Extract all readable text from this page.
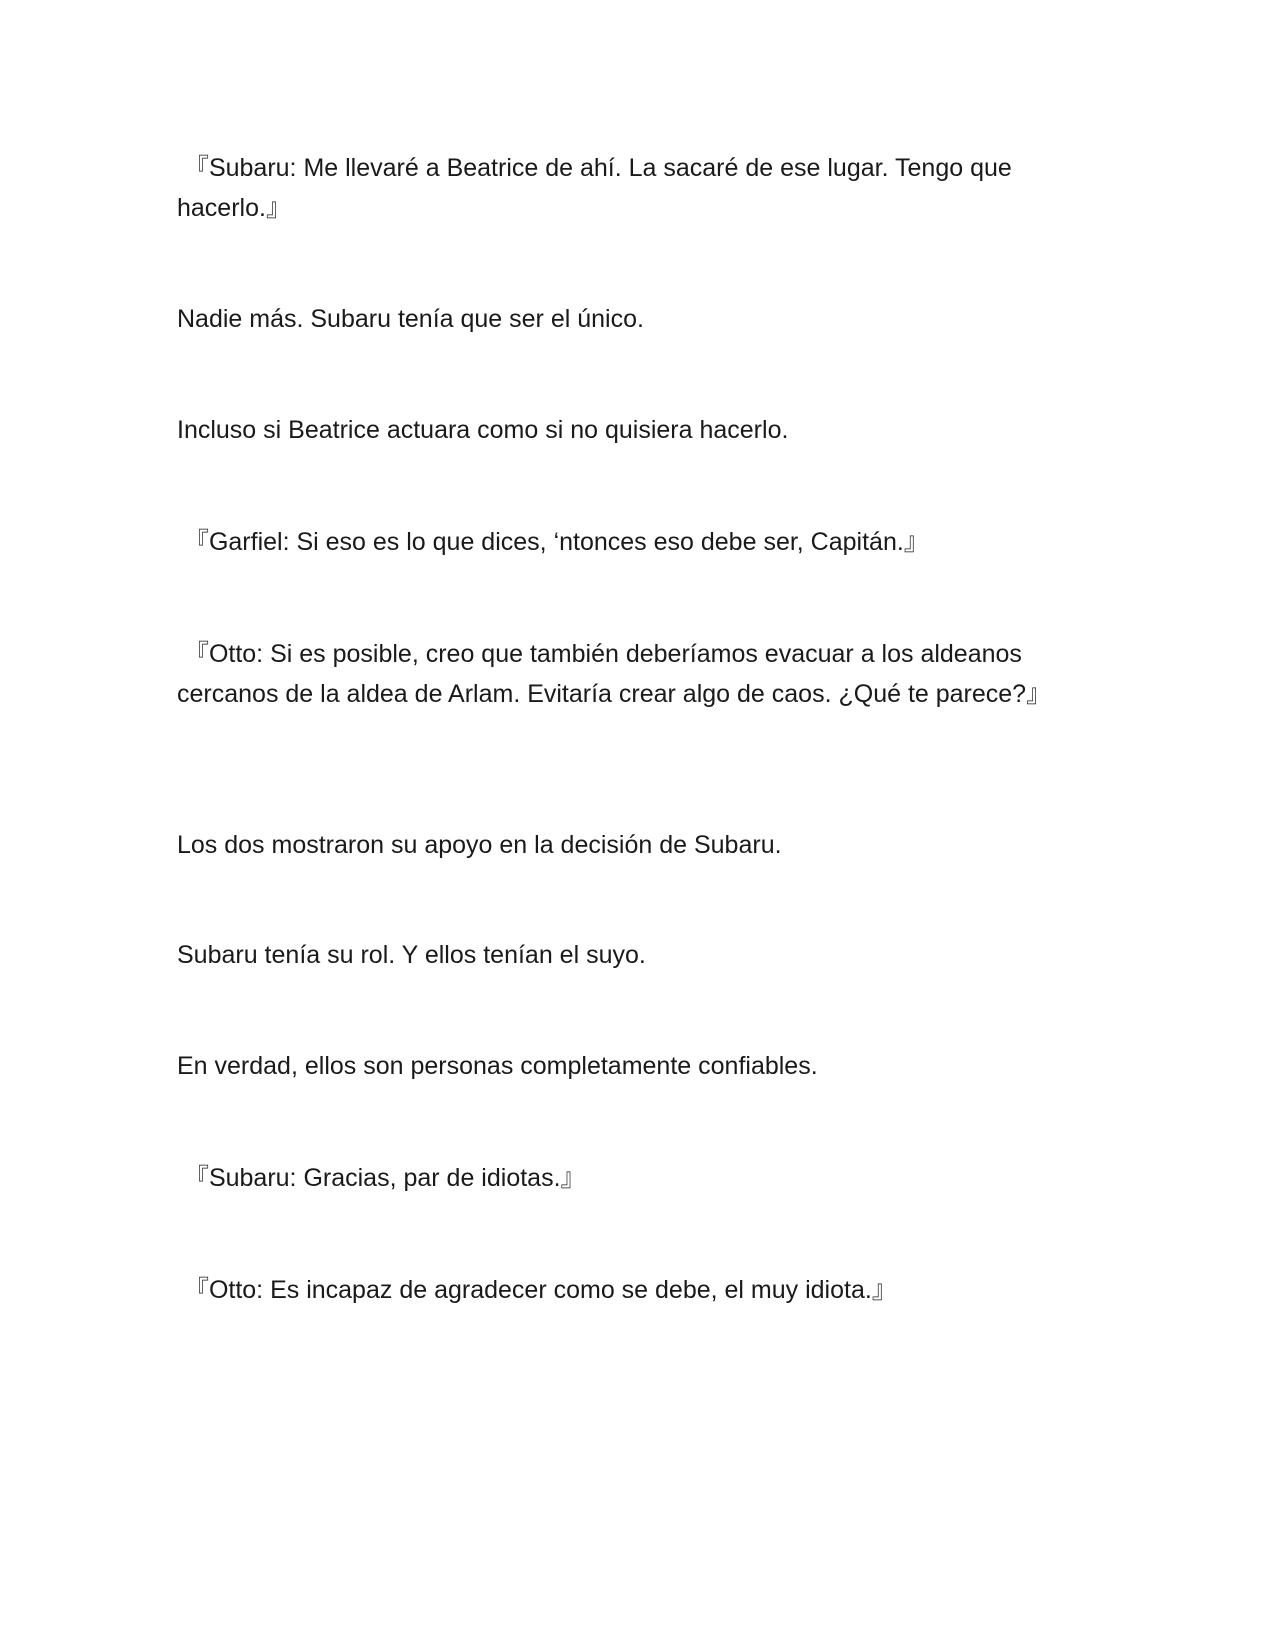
『Subaru: Me llevaré a Beatrice de ahí. La sacaré de ese lugar. Tengo que hacerlo.』

Nadie más. Subaru tenía que ser el único.

Incluso si Beatrice actuara como si no quisiera hacerlo.

『Garfiel: Si eso es lo que dices, ‘ntonces eso debe ser, Capitán.』

『Otto: Si es posible, creo que también deberíamos evacuar a los aldeanos cercanos de la aldea de Arlam. Evitaría crear algo de caos. ¿Qué te parece?』

Los dos mostraron su apoyo en la decisión de Subaru.

Subaru tenía su rol. Y ellos tenían el suyo.

En verdad, ellos son personas completamente confiables.

『Subaru: Gracias, par de idiotas.』

『Otto: Es incapaz de agradecer como se debe, el muy idiota.』
